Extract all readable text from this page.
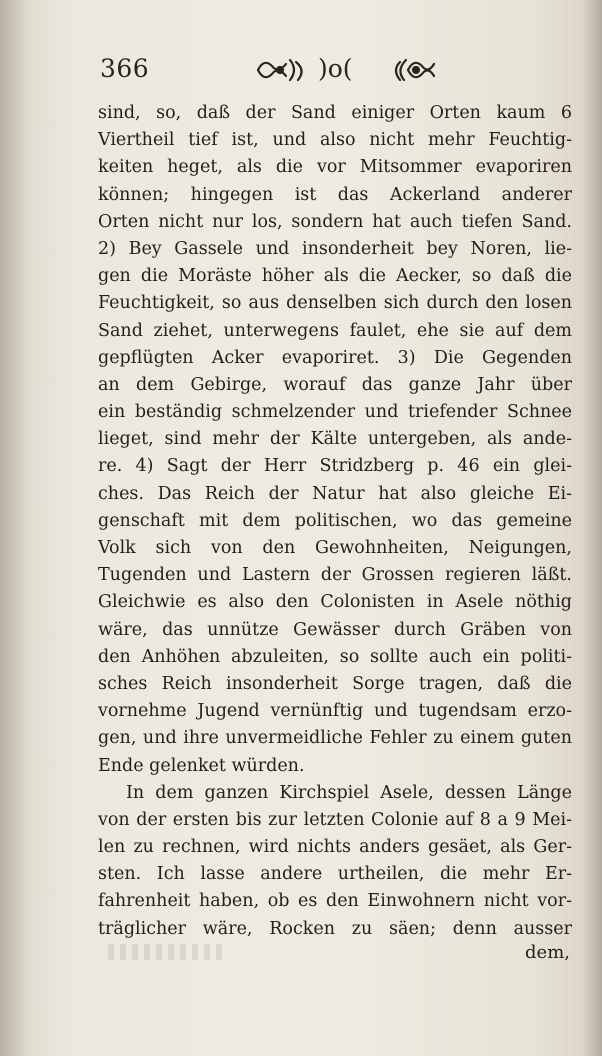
366	)o(
sind, so, daß der Sand einiger Orten kaum 6
Viertheil tief ist, und also nicht mehr Feuchtig-
keiten heget, als die vor Mitsommer evaporiren
können; hingegen ist das Ackerland anderer
Orten nicht nur los, sondern hat auch tiefen Sand.
2) Bey Gassele und insonderheit bey Noren, lie-
gen die Moräste höher als die Aecker, so daß die
Feuchtigkeit, so aus denselben sich durch den losen
Sand ziehet, unterwegens faulet, ehe sie auf dem
gepflügten Acker evaporiret. 3) Die Gegenden
an dem Gebirge, worauf das ganze Jahr über
ein beständig schmelzender und triefender Schnee
lieget, sind mehr der Kälte untergeben, als ande-
re. 4) Sagt der Herr Stridzberg p. 46 ein glei-
ches. Das Reich der Natur hat also gleiche Ei-
genschaft mit dem politischen, wo das gemeine
Volk sich von den Gewohnheiten, Neigungen,
Tugenden und Lastern der Grossen regieren läßt.
Gleichwie es also den Colonisten in Asele nöthig
wäre, das unnütze Gewässer durch Gräben von
den Anhöhen abzuleiten, so sollte auch ein politi-
sches Reich insonderheit Sorge tragen, daß die
vornehme Jugend vernünftig und tugendsam erzo-
gen, und ihre unvermeidliche Fehler zu einem guten
Ende gelenket würden.
In dem ganzen Kirchspiel Asele, dessen Länge
von der ersten bis zur letzten Colonie auf 8 a 9 Mei-
len zu rechnen, wird nichts anders gesäet, als Ger-
sten. Ich lasse andere urtheilen, die mehr Er-
fahrenheit haben, ob es den Einwohnern nicht vor-
träglicher wäre, Rocken zu säen; denn ausser
dem,
